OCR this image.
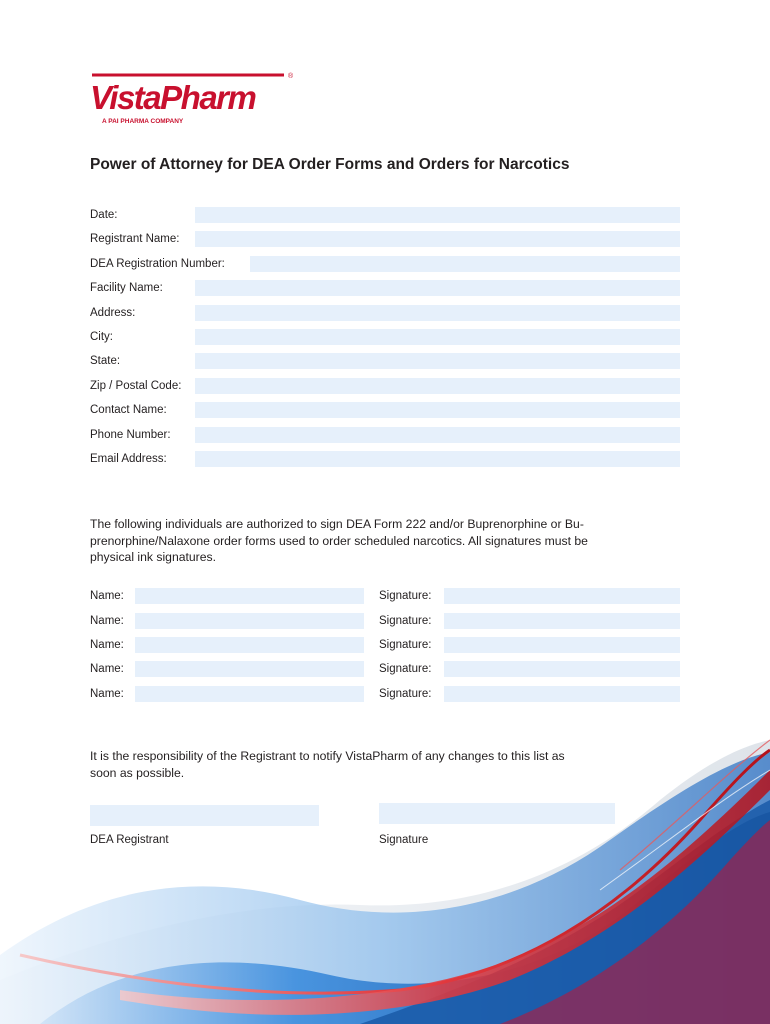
®
VistaPharm
A PAI PHARMA COMPANY
Power of Attorney for DEA Order Forms and Orders for Narcotics
Date:
Registrant Name:
DEA Registration Number:
Facility Name:
Address:
City:
State:
Zip / Postal Code:
Contact Name:
Phone Number:
Email Address:
The following individuals are authorized to sign DEA Form 222 and/or Buprenorphine or Bu-
prenorphine/Nalaxone order forms used to order scheduled narcotics. All signatures must be
physical ink signatures.
Name:	Signature:
Name:	Signature:
Name:	Signature:
Name:	Signature:
Name:	Signature:
It is the responsibility of the Registrant to notify VistaPharm of any changes to this list as
soon as possible.
DEA Registrant	Signature
